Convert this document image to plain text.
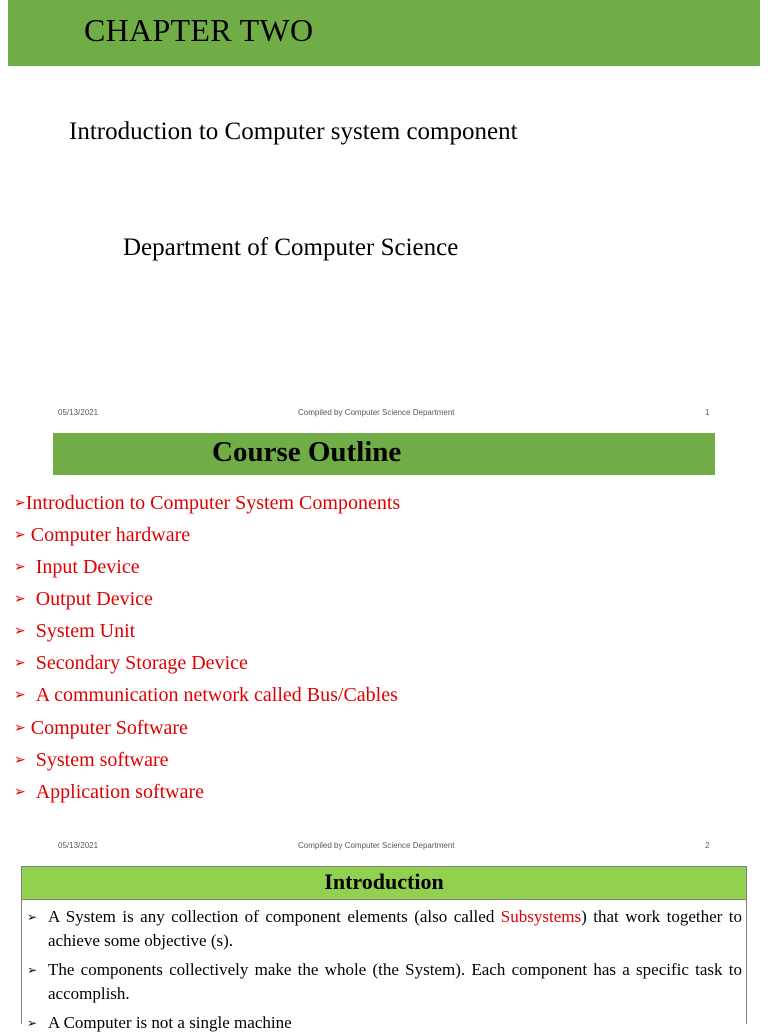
CHAPTER TWO
Introduction to Computer system component
Department of Computer Science
05/13/2021	Compiled by Computer Science Department	1
Course Outline
➢Introduction to Computer System Components
➢ Computer hardware
➢ Input Device
➢ Output Device
➢ System Unit
➢ Secondary Storage Device
➢ A communication network called Bus/Cables
➢ Computer Software
➢ System software
➢ Application software
05/13/2021	Compiled by Computer Science Department	2
Introduction
➢ A System is any collection of component elements (also called Subsystems) that work together to achieve some objective (s).
➢ The components collectively make the whole (the System). Each component has a specific task to accomplish.
➢ A Computer is not a single machine
